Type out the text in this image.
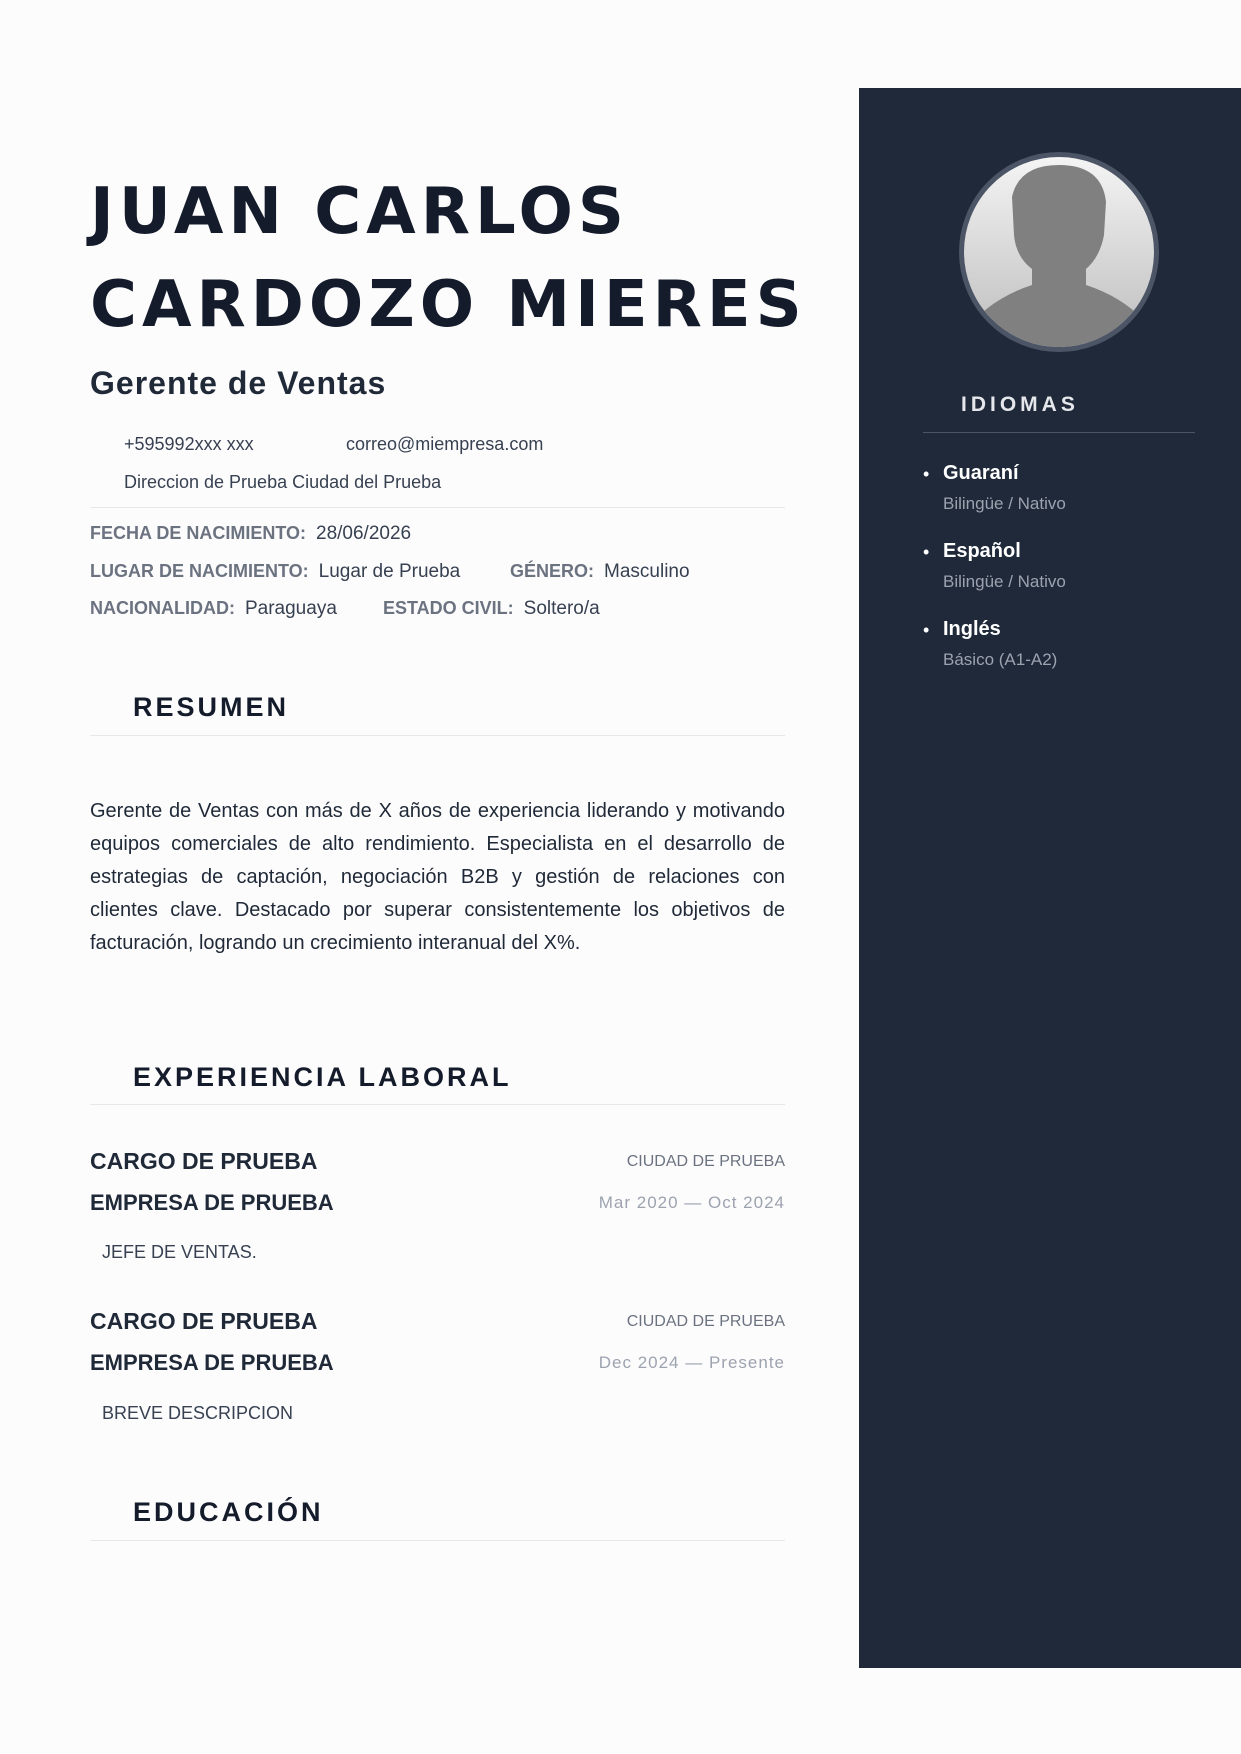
JUAN CARLOS
CARDOZO MIERES
Gerente de Ventas
+595992xxx xxx	correo@miempresa.com
Direccion de Prueba Ciudad del Prueba
FECHA DE NACIMIENTO: 28/06/2026
LUGAR DE NACIMIENTO: Lugar de Prueba	GÉNERO: Masculino
NACIONALIDAD: Paraguaya	ESTADO CIVIL: Soltero/a
RESUMEN
Gerente de Ventas con más de X años de experiencia liderando y motivando equipos comerciales de alto rendimiento. Especialista en el desarrollo de estrategias de captación, negociación B2B y gestión de relaciones con clientes clave. Destacado por superar consistentemente los objetivos de facturación, logrando un crecimiento interanual del X%.
EXPERIENCIA LABORAL
CARGO DE PRUEBA	CIUDAD DE PRUEBA
EMPRESA DE PRUEBA	Mar 2020 — Oct 2024
JEFE DE VENTAS.
CARGO DE PRUEBA	CIUDAD DE PRUEBA
EMPRESA DE PRUEBA	Dec 2024 — Presente
BREVE DESCRIPCION
EDUCACIÓN
IDIOMAS
• Guaraní
Bilingüe / Nativo
• Español
Bilingüe / Nativo
• Inglés
Básico (A1-A2)
